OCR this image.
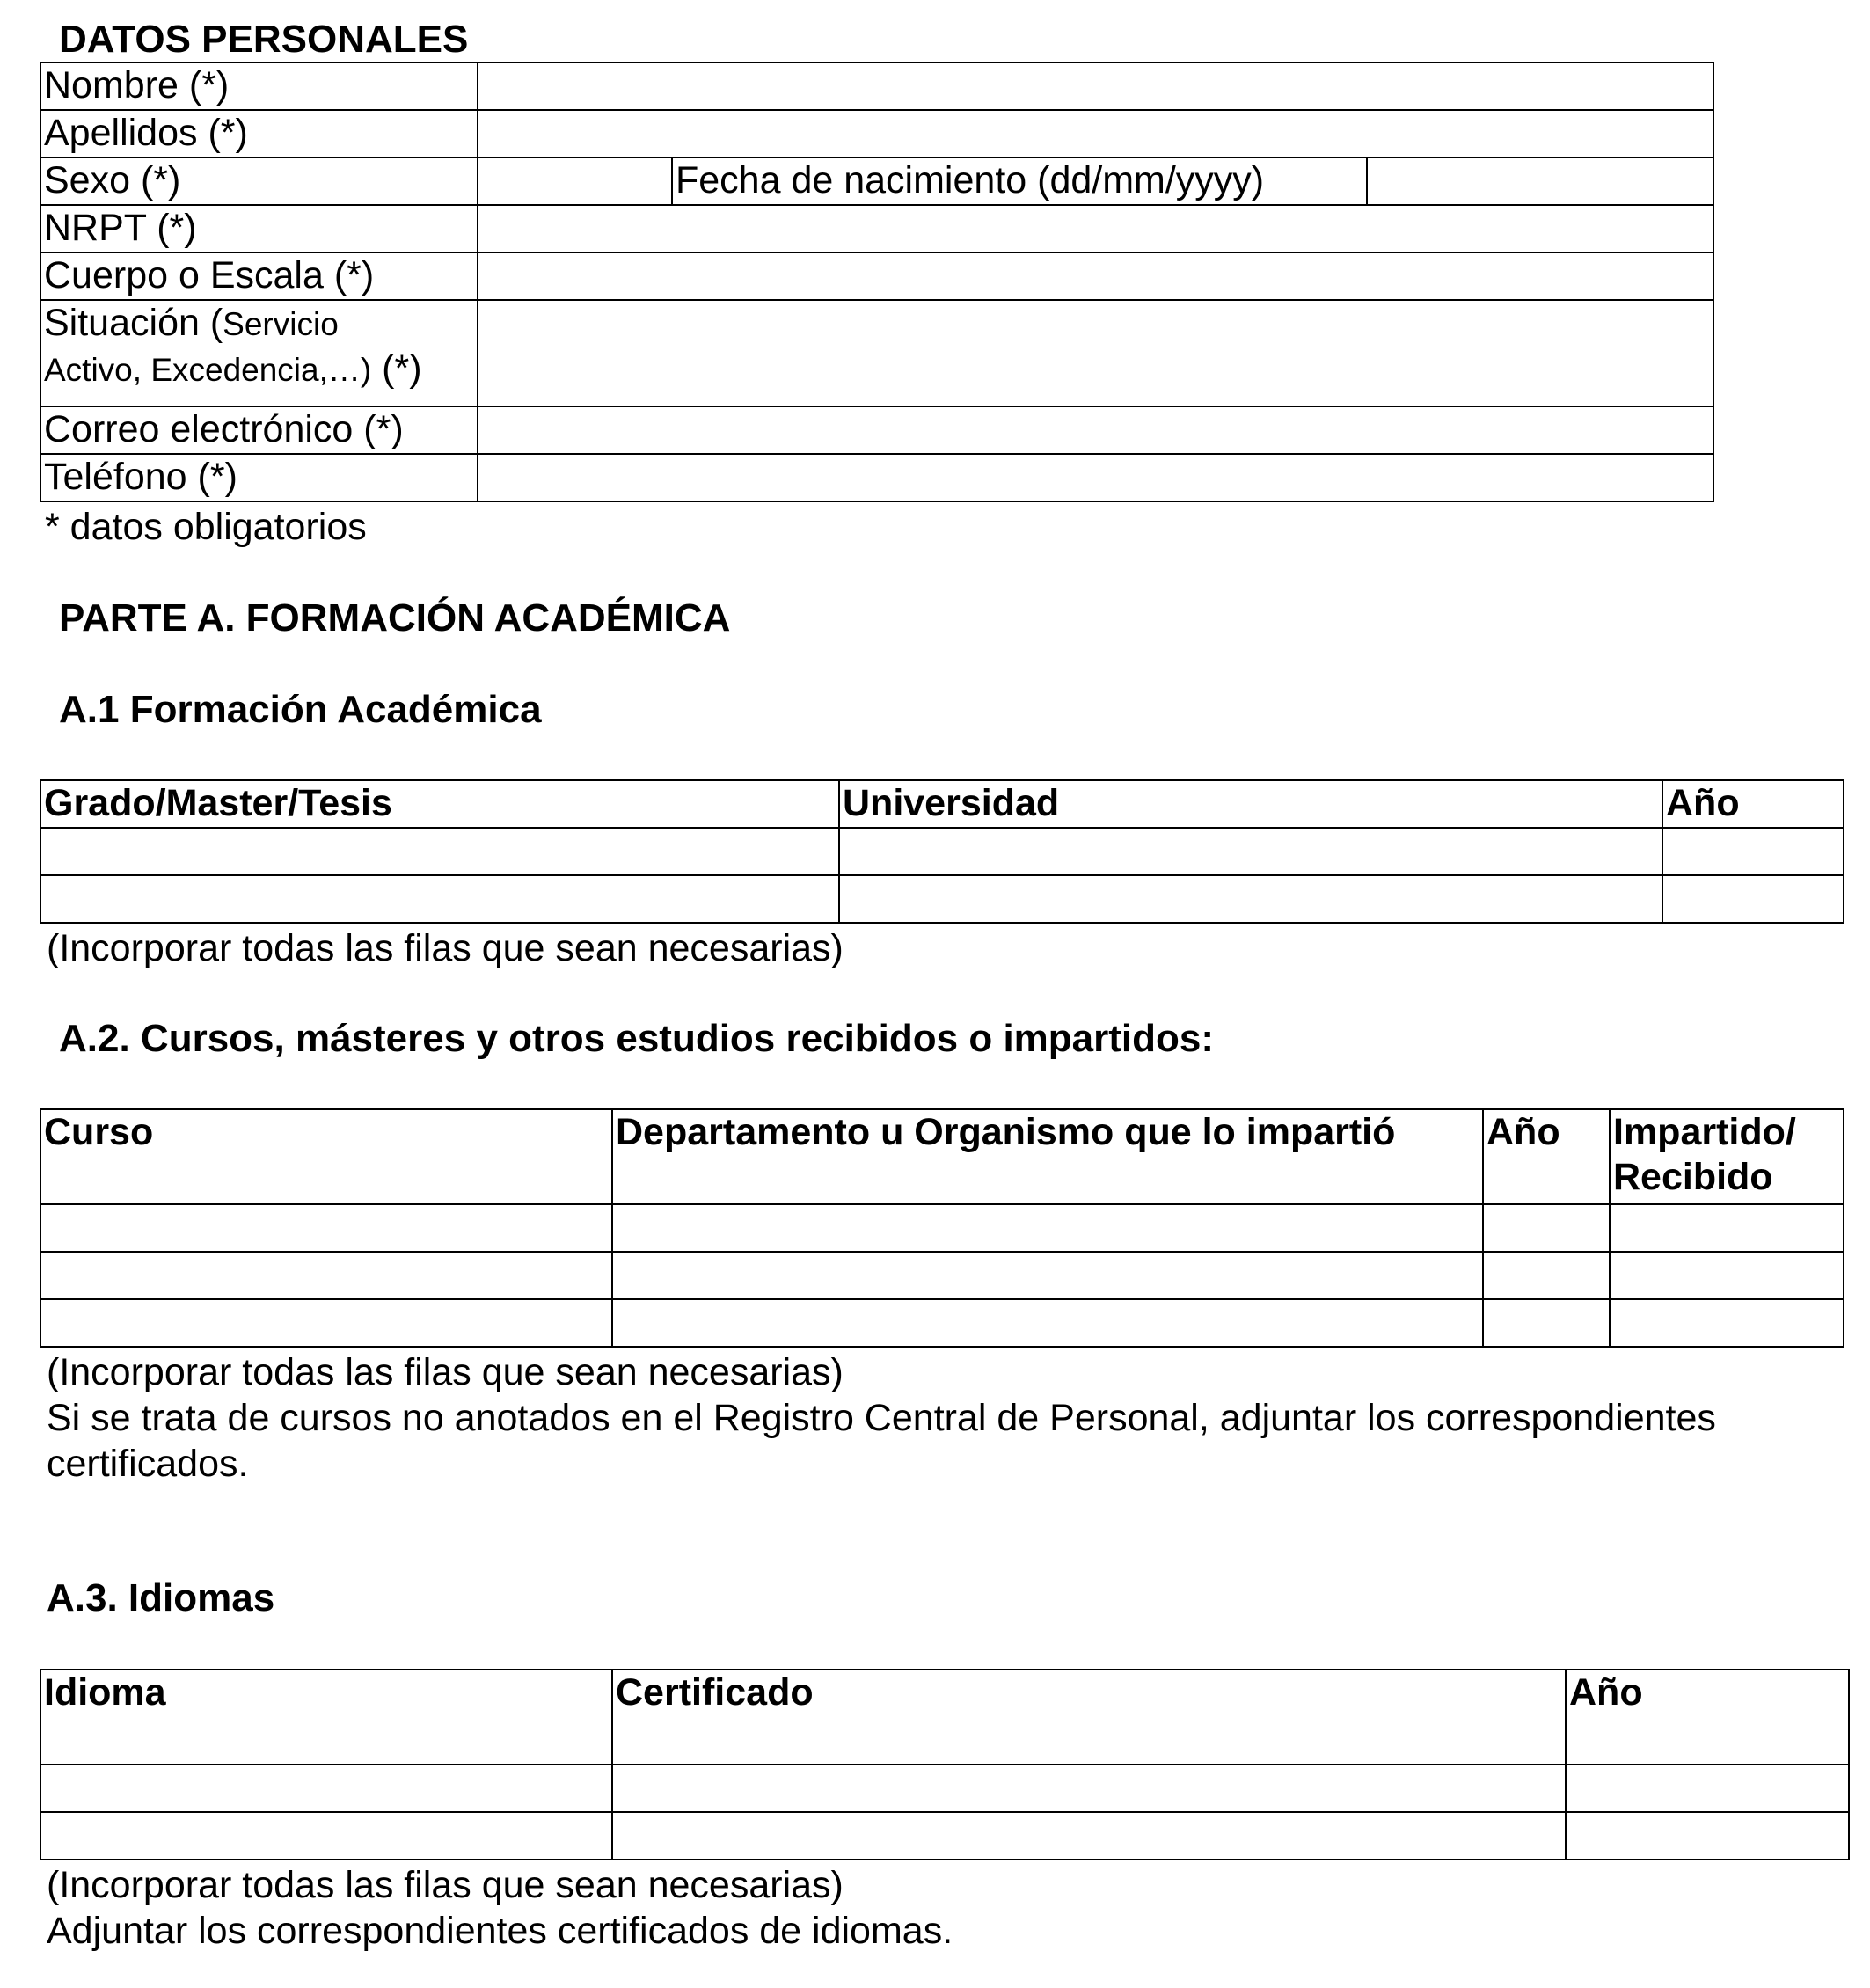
DATOS PERSONALES
Nombre (*)			
Apellidos (*)			
Sexo (*)		Fecha de nacimiento (dd/mm/yyyy)	
NRPT (*)			
Cuerpo o Escala (*)			
Situación (Servicio
Activo, Excedencia,…) (*)			
Correo electrónico (*)			
Teléfono (*)			
* datos obligatorios
PARTE A. FORMACIÓN ACADÉMICA
A.1 Formación Académica
Grado/Master/Tesis	Universidad	Año

(Incorporar todas las filas que sean necesarias)
A.2. Cursos, másteres y otros estudios recibidos o impartidos:
Curso	Departamento u Organismo que lo impartió	Año	Impartido/ Recibido

(Incorporar todas las filas que sean necesarias)
Si se trata de cursos no anotados en el Registro Central de Personal, adjuntar los correspondientes
certificados.
A.3. Idiomas
Idioma	Certificado	Año

(Incorporar todas las filas que sean necesarias)
Adjuntar los correspondientes certificados de idiomas.
